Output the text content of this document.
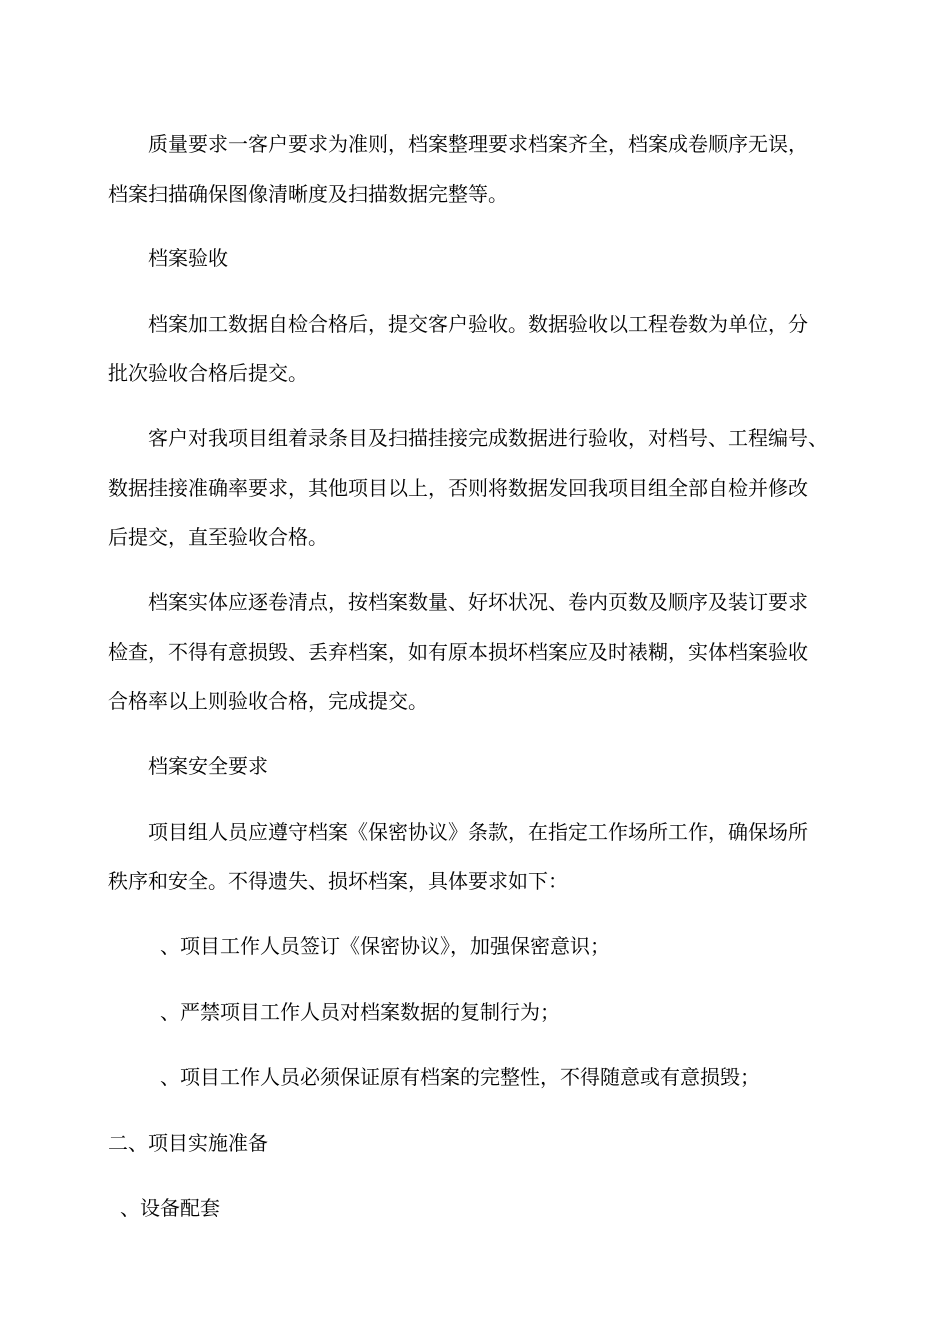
质量要求一客户要求为准则，档案整理要求档案齐全，档案成卷顺序无误，

档案扫描确保图像清晰度及扫描数据完整等。

档案验收

档案加工数据自检合格后，提交客户验收。数据验收以工程卷数为单位，分

批次验收合格后提交。

客户对我项目组着录条目及扫描挂接完成数据进行验收，对档号、工程编号、

数据挂接准确率要求，其他项目以上，否则将数据发回我项目组全部自检并修改

后提交，直至验收合格。

档案实体应逐卷清点，按档案数量、好坏状况、卷内页数及顺序及装订要求

检查，不得有意损毁、丢弃档案，如有原本损坏档案应及时裱糊，实体档案验收

合格率以上则验收合格，完成提交。

档案安全要求

项目组人员应遵守档案《保密协议》条款，在指定工作场所工作，确保场所

秩序和安全。不得遗失、损坏档案，具体要求如下：

、项目工作人员签订《保密协议》，加强保密意识；

、严禁项目工作人员对档案数据的复制行为；

、项目工作人员必须保证原有档案的完整性，不得随意或有意损毁；

二、项目实施准备

、设备配套
